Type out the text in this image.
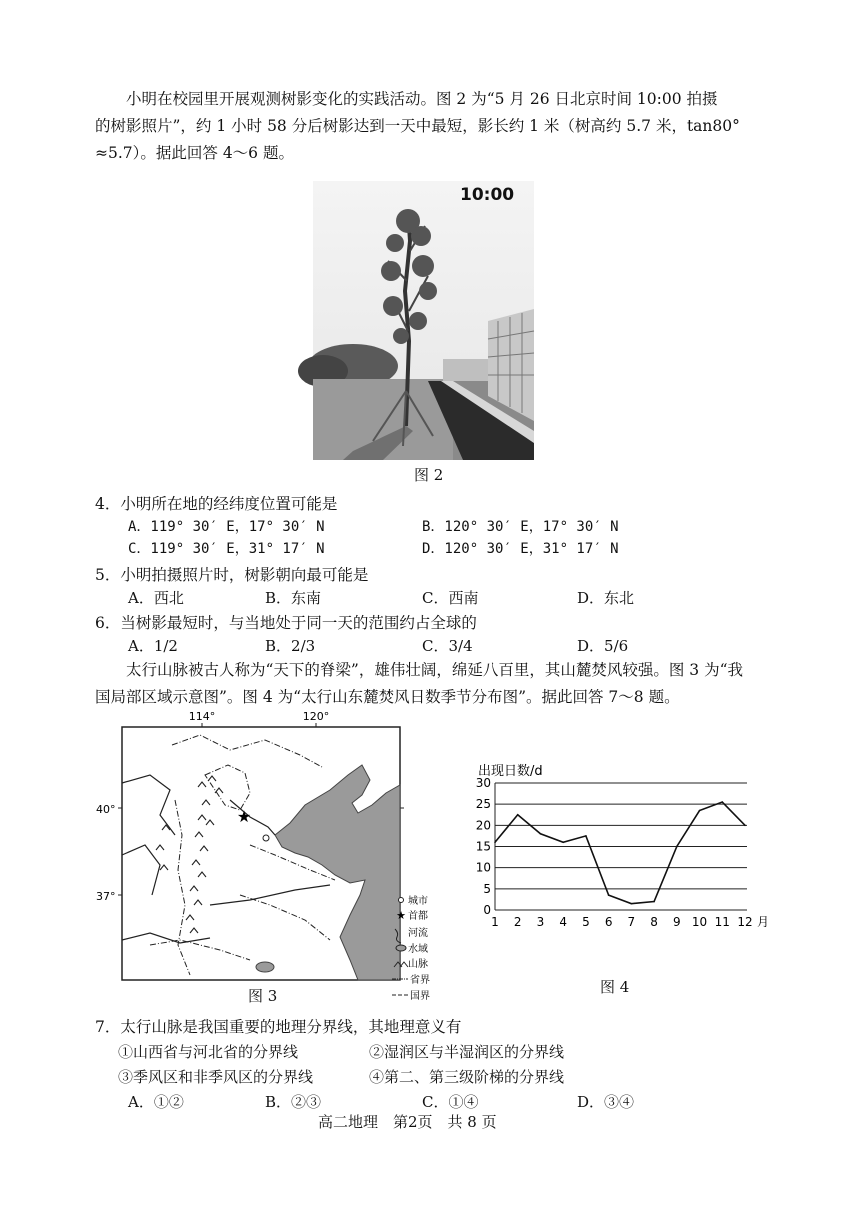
小明在校园里开展观测树影变化的实践活动。图 2 为“5 月 26 日北京时间 10:00 拍摄
的树影照片”，约 1 小时 58 分后树影达到一天中最短，影长约 1 米（树高约 5.7 米，tan80°
≈5.7）。据此回答 4～6 题。
10:00
图 2
4．小明所在地的经纬度位置可能是
A．119° 30′ E，17° 30′ N	B．120° 30′ E，17° 30′ N
C．119° 30′ E，31° 17′ N	D．120° 30′ E，31° 17′ N
5．小明拍摄照片时，树影朝向最可能是
A．西北	B．东南	C．西南	D．东北
6．当树影最短时，与当地处于同一天的范围约占全球的
A．1/2	B．2/3	C．3/4	D．5/6
太行山脉被古人称为“天下的脊梁”，雄伟壮阔，绵延八百里，其山麓焚风较强。图 3 为“我
国局部区域示意图”。图 4 为“太行山东麓焚风日数季节分布图”。据此回答 7～8 题。
114°	120°
40°
37°
★
城市
★ 首都
河流
水域
山脉
省界
国界
图 3
出现日数/d
0
5
10
15
20
25
30
1 2 3 4 5 6 7 8 9 10 11 12 月
图 4
7．太行山脉是我国重要的地理分界线，其地理意义有
①山西省与河北省的分界线	②湿润区与半湿润区的分界线
③季风区和非季风区的分界线	④第二、第三级阶梯的分界线
A．①②	B．②③	C．①④	D．③④
高二地理　第2页　共 8 页
